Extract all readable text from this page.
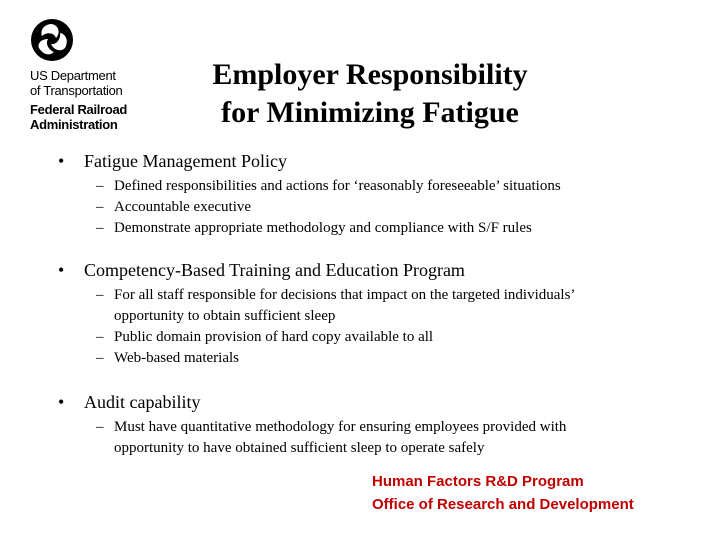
US Department
of Transportation
Federal Railroad
Administration
Employer Responsibility
for Minimizing Fatigue
•	Fatigue Management Policy
– Defined responsibilities and actions for ‘reasonably foreseeable’ situations
– Accountable executive
– Demonstrate appropriate methodology and compliance with S/F rules
•	Competency-Based Training and Education Program
– For all staff responsible for decisions that impact on the targeted individuals’ opportunity to obtain sufficient sleep
– Public domain provision of hard copy available to all
– Web-based materials
•	Audit capability
– Must have quantitative methodology for ensuring employees provided with opportunity to have obtained sufficient sleep to operate safely
Human Factors R&D Program
Office of Research and Development
